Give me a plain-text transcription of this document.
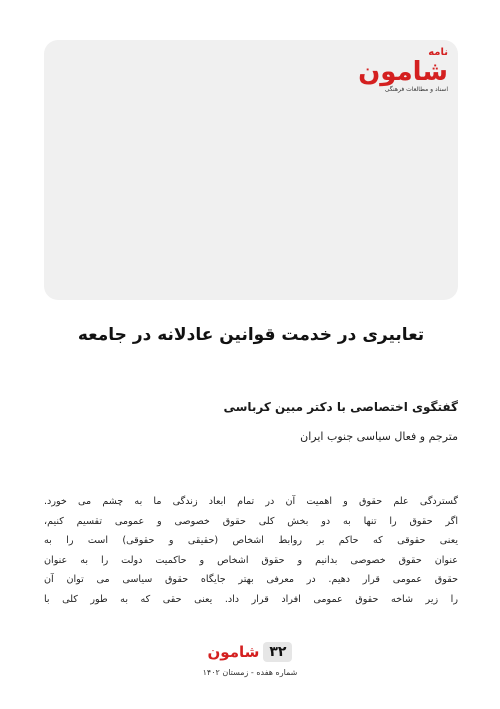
نامه
شامون
اسناد و مطالعات فرهنگی
تعابیری در خدمت قوانین عادلانه در جامعه
گفتگوی اختصاصی با دکتر مبین کرباسی
مترجم و فعال سیاسی جنوب ایران
گستردگی علم حقوق و اهمیت آن در تمام ابعاد زندگی ما به چشم می خورد.
اگر حقوق را تنها به دو بخش کلی حقوق خصوصی و عمومی تقسیم کنیم،
یعنی حقوقی که حاکم بر روابط اشخاص (حقیقی و حقوقی) است را به
عنوان حقوق خصوصی بدانیم و حقوق اشخاص و حاکمیت دولت را به عنوان
حقوق عمومی قرار دهیم. در معرفی بهتر جایگاه حقوق سیاسی می توان آن
را زیر شاخه حقوق عمومی افراد قرار داد. یعنی حقی که به طور کلی با
شامون ۳۲
شماره هفده - زمستان ۱۴۰۲
